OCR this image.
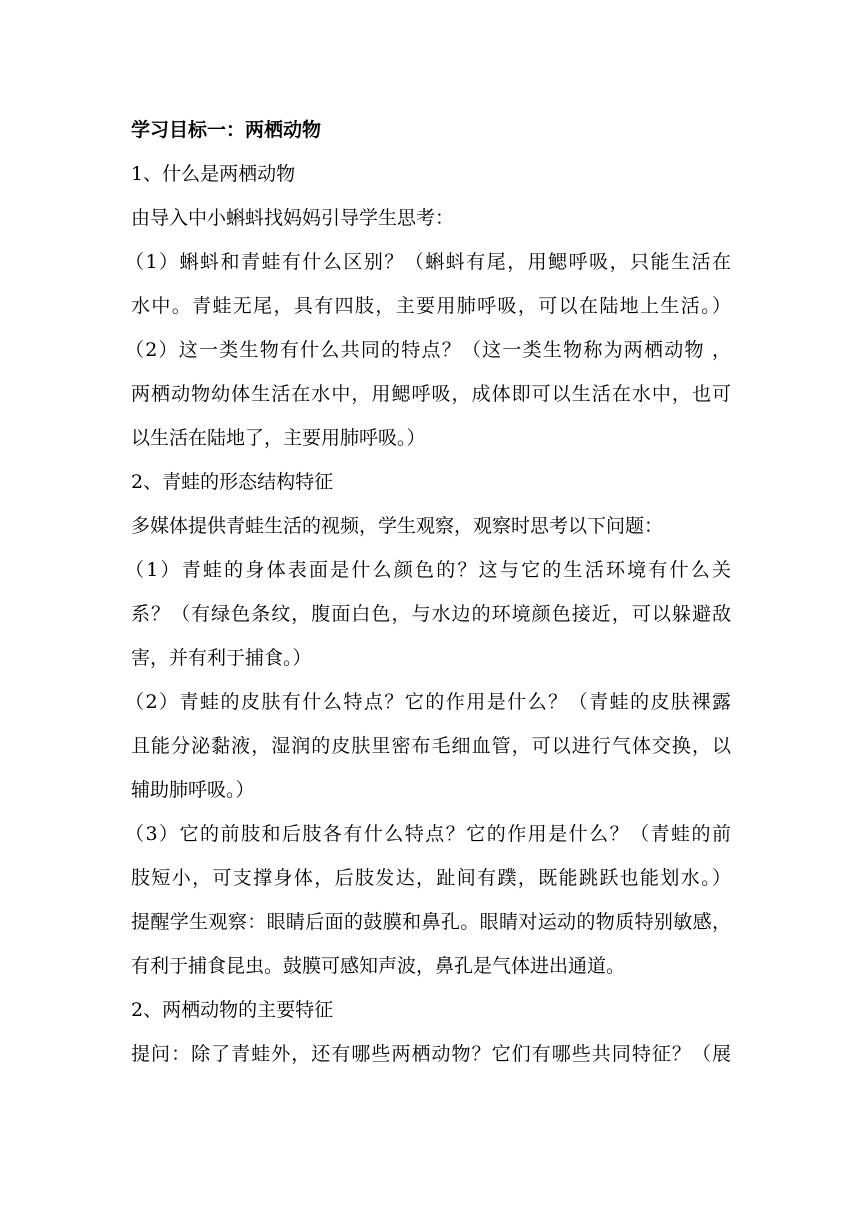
学习目标一：两栖动物
1、什么是两栖动物
由导入中小蝌蚪找妈妈引导学生思考：
（1）蝌蚪和青蛙有什么区别？（蝌蚪有尾，用鳃呼吸，只能生活在
水中。青蛙无尾，具有四肢，主要用肺呼吸，可以在陆地上生活。）
（2）这一类生物有什么共同的特点？（这一类生物称为两栖动物 ，
两栖动物幼体生活在水中，用鳃呼吸，成体即可以生活在水中，也可
以生活在陆地了，主要用肺呼吸。）
2、青蛙的形态结构特征
多媒体提供青蛙生活的视频，学生观察，观察时思考以下问题：
（1）青蛙的身体表面是什么颜色的？这与它的生活环境有什么关
系？（有绿色条纹，腹面白色，与水边的环境颜色接近，可以躲避敌
害，并有利于捕食。）
（2）青蛙的皮肤有什么特点？它的作用是什么？（青蛙的皮肤裸露
且能分泌黏液，湿润的皮肤里密布毛细血管，可以进行气体交换，以
辅助肺呼吸。）
（3）它的前肢和后肢各有什么特点？它的作用是什么？（青蛙的前
肢短小，可支撑身体，后肢发达，趾间有蹼，既能跳跃也能划水。）
提醒学生观察：眼睛后面的鼓膜和鼻孔。眼睛对运动的物质特别敏感，
有利于捕食昆虫。鼓膜可感知声波，鼻孔是气体进出通道。
2、两栖动物的主要特征
提问：除了青蛙外，还有哪些两栖动物？它们有哪些共同特征？（展
